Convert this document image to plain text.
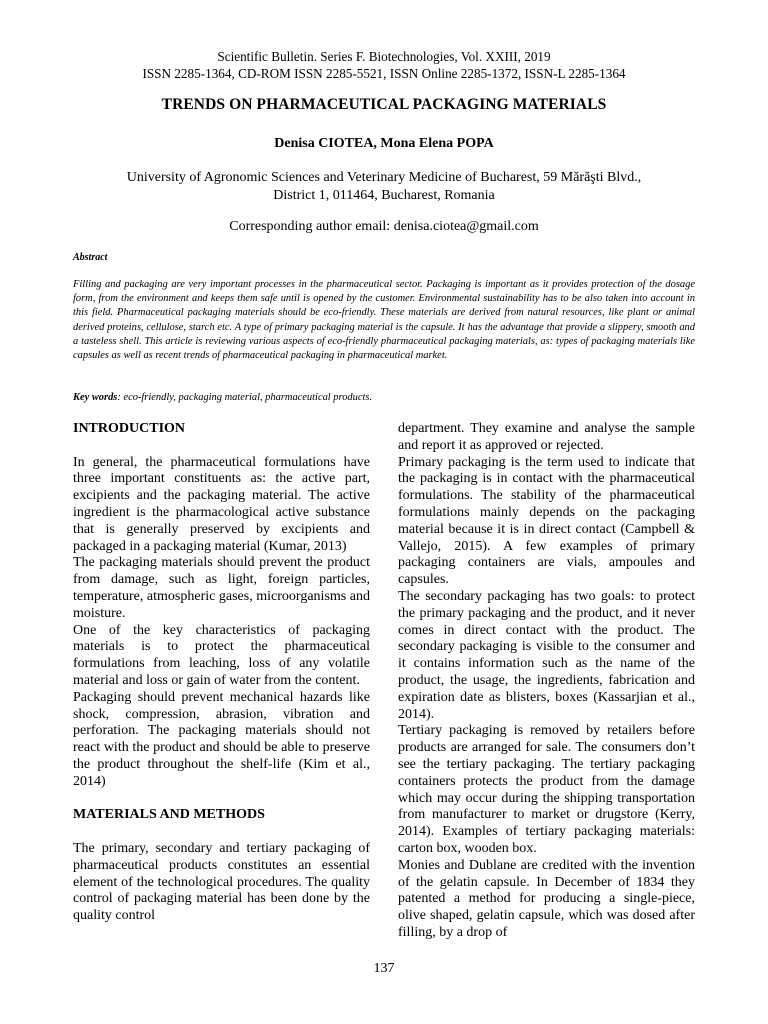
Scientific Bulletin. Series F. Biotechnologies, Vol. XXIII, 2019
ISSN 2285-1364, CD-ROM ISSN 2285-5521, ISSN Online 2285-1372, ISSN-L 2285-1364
TRENDS ON PHARMACEUTICAL PACKAGING MATERIALS
Denisa CIOTEA, Mona Elena POPA
University of Agronomic Sciences and Veterinary Medicine of Bucharest, 59 Mărăşti Blvd.,
District 1, 011464, Bucharest, Romania
Corresponding author email: denisa.ciotea@gmail.com
Abstract
Filling and packaging are very important processes in the pharmaceutical sector. Packaging is important as it provides protection of the dosage form, from the environment and keeps them safe until is opened by the customer. Environmental sustainability has to be also taken into account in this field. Pharmaceutical packaging materials should be eco-friendly. These materials are derived from natural resources, like plant or animal derived proteins, cellulose, starch etc. A type of primary packaging material is the capsule. It has the advantage that provide a slippery, smooth and a tasteless shell. This article is reviewing various aspects of eco-friendly pharmaceutical packaging materials, as: types of packaging materials like capsules as well as recent trends of pharmaceutical packaging in pharmaceutical market.
Key words: eco-friendly, packaging material, pharmaceutical products.

INTRODUCTION

In general, the pharmaceutical formulations have three important constituents as: the active part, excipients and the packaging material. The active ingredient is the pharmacological active substance that is generally preserved by excipients and packaged in a packaging material (Kumar, 2013)

The packaging materials should prevent the product from damage, such as light, foreign particles, temperature, atmospheric gases, microorganisms and moisture.

One of the key characteristics of packaging materials is to protect the pharmaceutical formulations from leaching, loss of any volatile material and loss or gain of water from the content.

Packaging should prevent mechanical hazards like shock, compression, abrasion, vibration and perforation. The packaging materials should not react with the product and should be able to preserve the product throughout the shelf-life (Kim et al., 2014)

MATERIALS AND METHODS

The primary, secondary and tertiary packaging of pharmaceutical products constitutes an essential element of the technological procedures. The quality control of packaging material has been done by the quality control

department. They examine and analyse the sample and report it as approved or rejected.

Primary packaging is the term used to indicate that the packaging is in contact with the pharmaceutical formulations. The stability of the pharmaceutical formulations mainly depends on the packaging material because it is in direct contact (Campbell & Vallejo, 2015). A few examples of primary packaging containers are vials, ampoules and capsules.

The secondary packaging has two goals: to protect the primary packaging and the product, and it never comes in direct contact with the product. The secondary packaging is visible to the consumer and it contains information such as the name of the product, the usage, the ingredients, fabrication and expiration date as blisters, boxes (Kassarjian et al., 2014).

Tertiary packaging is removed by retailers before products are arranged for sale. The consumers don’t see the tertiary packaging. The tertiary packaging containers protects the product from the damage which may occur during the shipping transportation from manufacturer to market or drugstore (Kerry, 2014). Examples of tertiary packaging materials: carton box, wooden box.

Monies and Dublane are credited with the invention of the gelatin capsule. In December of 1834 they patented a method for producing a single-piece, olive shaped, gelatin capsule, which was dosed after filling, by a drop of

137
